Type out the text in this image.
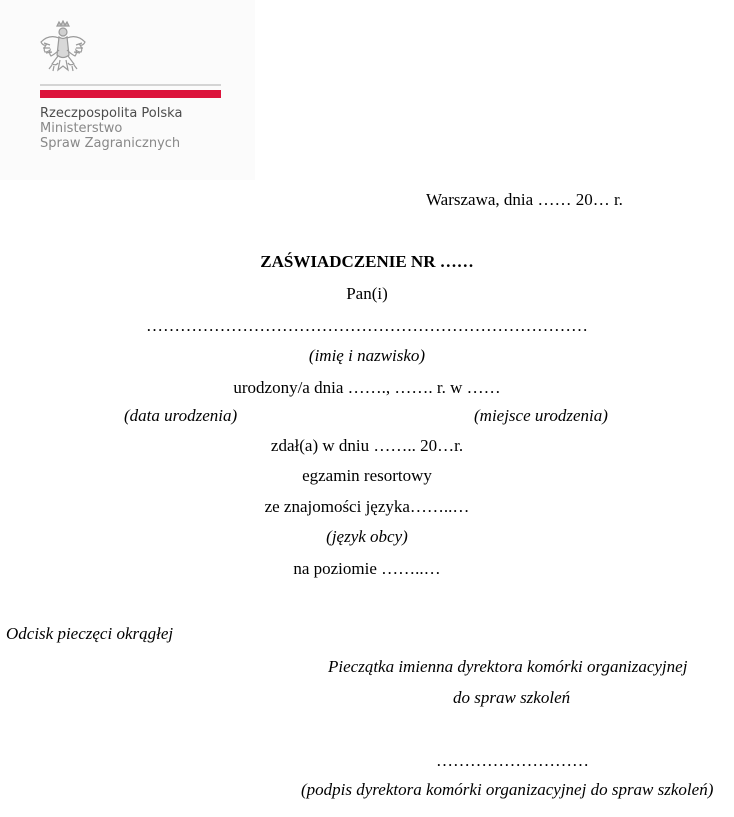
Rzeczpospolita Polska
Ministerstwo
Spraw Zagranicznych
Warszawa, dnia …… 20… r.
ZAŚWIADCZENIE NR ……
Pan(i)
……………………………………………………………………
(imię i nazwisko)
urodzony/a dnia ……., ……. r. w ……
(data urodzenia)	(miejsce urodzenia)
zdał(a) w dniu …….. 20…r.
egzamin resortowy
ze znajomości języka……..…
(język obcy)
na poziomie ……..…
Odcisk pieczęci okrągłej
Pieczątka imienna dyrektora komórki organizacyjnej
do spraw szkoleń
………………………
(podpis dyrektora komórki organizacyjnej do spraw szkoleń)
